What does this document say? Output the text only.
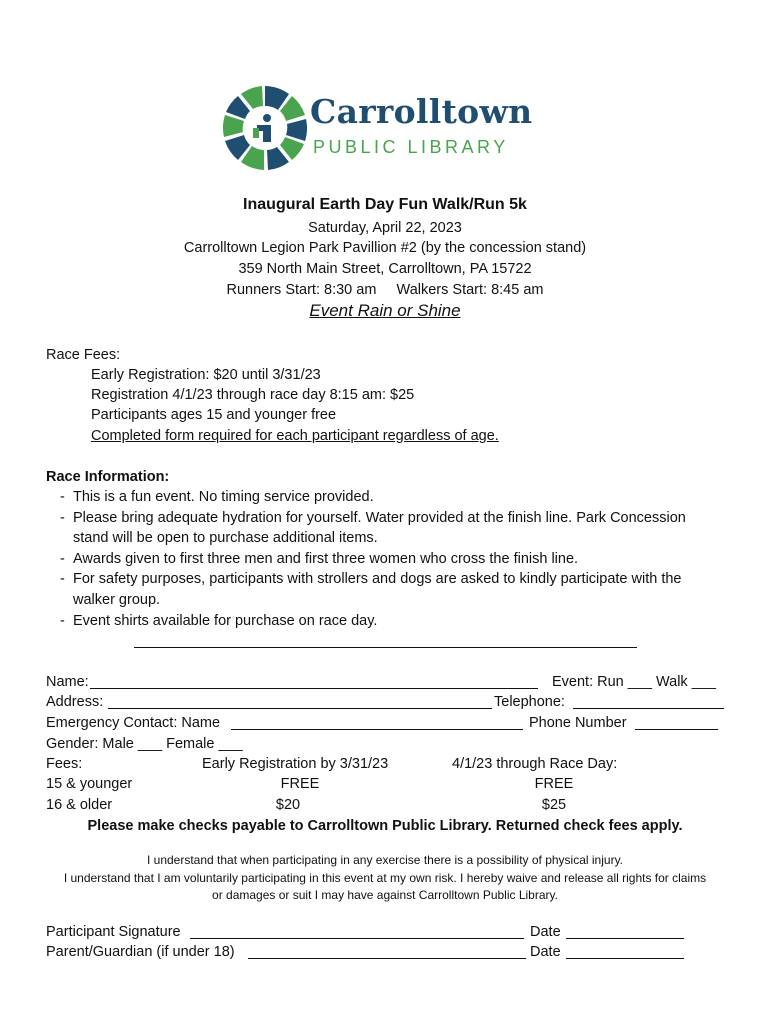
Carrolltown
PUBLIC LIBRARY
Inaugural Earth Day Fun Walk/Run 5k
Saturday, April 22, 2023
Carrolltown Legion Park Pavillion #2 (by the concession stand)
359 North Main Street, Carrolltown, PA 15722
Runners Start: 8:30 am     Walkers Start: 8:45 am
Event Rain or Shine
Race Fees:
Early Registration: $20 until 3/31/23
Registration 4/1/23 through race day 8:15 am: $25
Participants ages 15 and younger free
Completed form required for each participant regardless of age.
Race Information:
- This is a fun event. No timing service provided.
- Please bring adequate hydration for yourself. Water provided at the finish line. Park Concession
stand will be open to purchase additional items.
- Awards given to first three men and first three women who cross the finish line.
- For safety purposes, participants with strollers and dogs are asked to kindly participate with the
walker group.
- Event shirts available for purchase on race day.
Name:	Event: Run ___ Walk ___
Address:	Telephone:
Emergency Contact: Name	Phone Number
Gender: Male ___ Female ___
Fees:	Early Registration by 3/31/23	4/1/23 through Race Day:
15 & younger	FREE	FREE
16 & older	$20	$25
Please make checks payable to Carrolltown Public Library. Returned check fees apply.
I understand that when participating in any exercise there is a possibility of physical injury.
I understand that I am voluntarily participating in this event at my own risk. I hereby waive and release all rights for claims
or damages or suit I may have against Carrolltown Public Library.
Participant Signature	Date
Parent/Guardian (if under 18)	Date
